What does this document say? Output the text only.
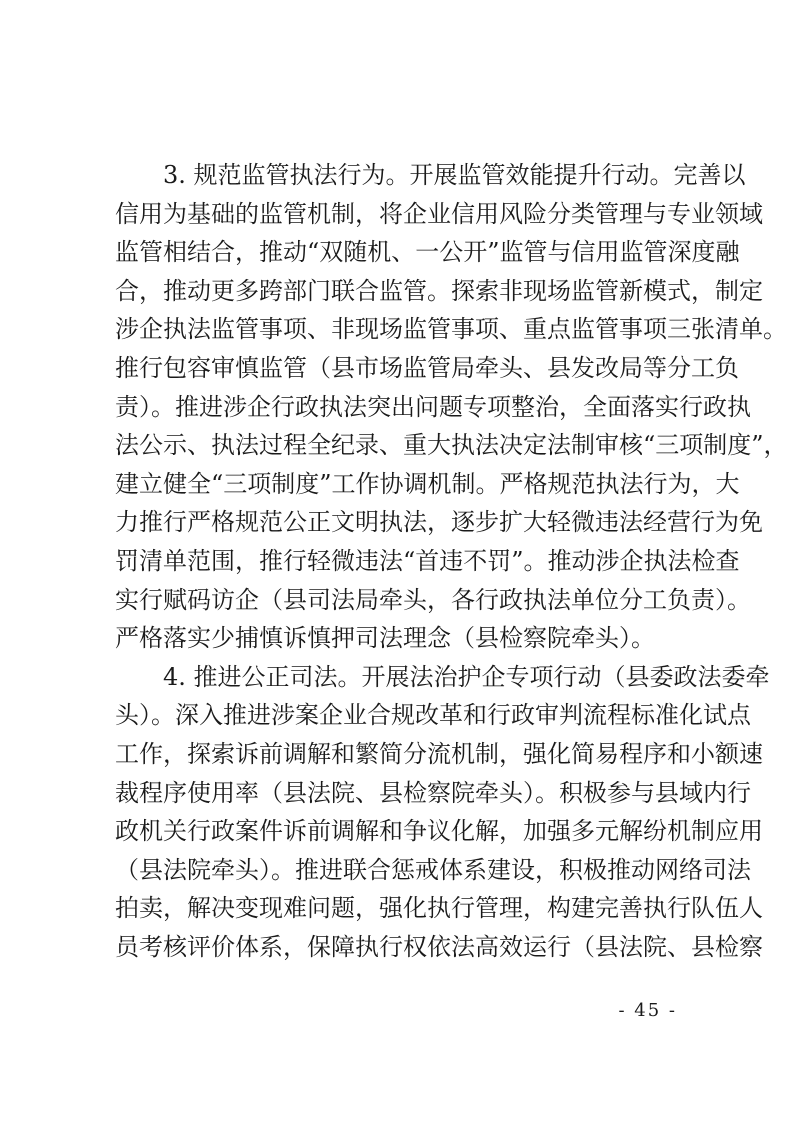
3. 规范监管执法行为。开展监管效能提升行动。完善以
信用为基础的监管机制，将企业信用风险分类管理与专业领域
监管相结合，推动“双随机、一公开”监管与信用监管深度融
合，推动更多跨部门联合监管。探索非现场监管新模式，制定
涉企执法监管事项、非现场监管事项、重点监管事项三张清单。
推行包容审慎监管（县市场监管局牵头、县发改局等分工负
责）。推进涉企行政执法突出问题专项整治，全面落实行政执
法公示、执法过程全纪录、重大执法决定法制审核“三项制度”，
建立健全“三项制度”工作协调机制。严格规范执法行为，大
力推行严格规范公正文明执法，逐步扩大轻微违法经营行为免
罚清单范围，推行轻微违法“首违不罚”。推动涉企执法检查
实行赋码访企（县司法局牵头，各行政执法单位分工负责）。
严格落实少捕慎诉慎押司法理念（县检察院牵头）。
4. 推进公正司法。开展法治护企专项行动（县委政法委牵
头）。深入推进涉案企业合规改革和行政审判流程标准化试点
工作，探索诉前调解和繁简分流机制，强化简易程序和小额速
裁程序使用率（县法院、县检察院牵头）。积极参与县域内行
政机关行政案件诉前调解和争议化解，加强多元解纷机制应用
（县法院牵头）。推进联合惩戒体系建设，积极推动网络司法
拍卖，解决变现难问题，强化执行管理，构建完善执行队伍人
员考核评价体系，保障执行权依法高效运行（县法院、县检察
- 45 -
